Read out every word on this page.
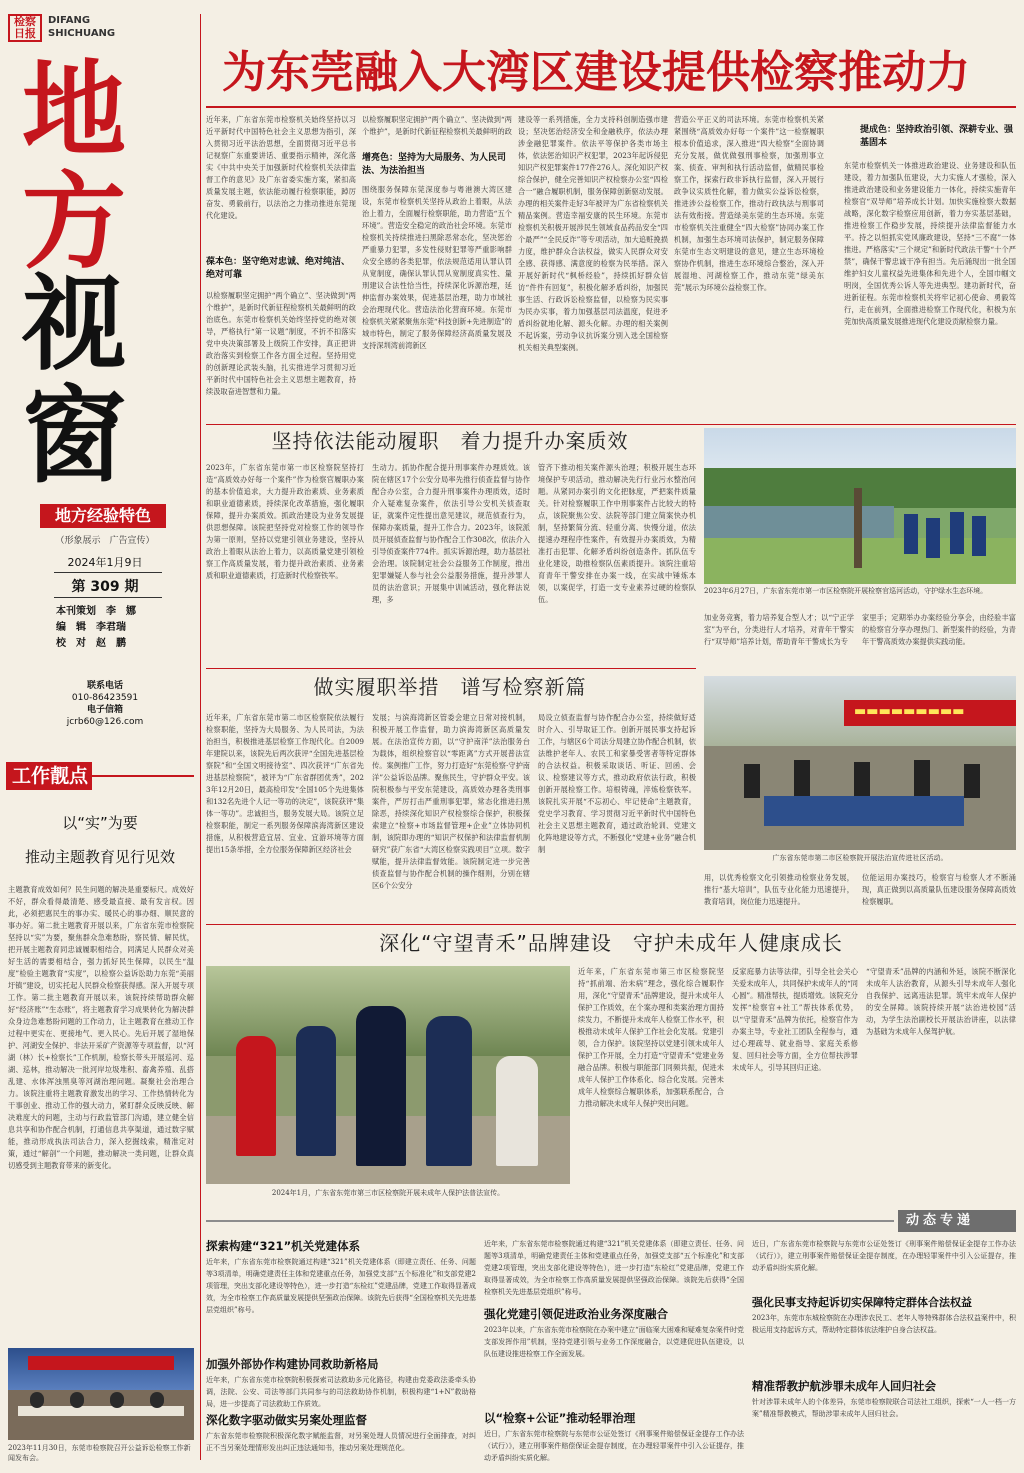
检察日报
DIFANG
SHICHUANG
地
方
视
窗
地方经验特色
（形象展示　广告宣传）
2024年1月9日
第 309 期
本刊策划　李　娜
编　辑　李君瑞
校　对　赵　鹏
联系电话
010-86423591
电子信箱
jcrb60@126.com
工作靓点
以“实”为要
推动主题教育见行见效
主题教育成效如何？民生问题的解决是重要标尺。成效好不好，群众看得最清楚、感受最直接、最有发言权。因此，必须把惠民生的事办实、暖民心的事办细、顺民意的事办好。第二批主题教育开展以来，广东省东莞市检察院坚持以“实”为要，聚焦群众急难愁盼，察民情、解民忧，把开展主题教育同忠诚履职相结合，同满足人民群众对美好生活的需要相结合，强力抓好民生保障，以民生“温度”检验主题教育“实度”，以检察公益诉讼助力东莞“美丽圩镇”建设，切实托起人民群众检察获得感。深入开展专项工作。第二批主题教育开展以来，该院持续帮助群众解好“经济账”“生态账”，将主题教育学习成果转化为解决群众身边急难愁盼问题的工作动力，让主题教育在推动工作过程中更实在、更接地气、更入民心。先后开展了湿地保护、河湖安全保护、非法开采矿产资源等专项监督，以“河湖（林）长+检察长”工作机制，检察长带头开展巡河、巡湖、巡林，推动解决一批河岸垃圾堆积、畜禽养殖、乱搭乱建、水体浑浊黑臭等河湖治理问题。凝聚社会治理合力。该院注重将主题教育激发出的学习、工作热情转化为干事创业、推动工作的强大动力，紧盯群众反映反映、解决难度大的问题，主动与行政监管部门沟通，建立健全信息共享和协作配合机制，打通信息共享渠道，通过数字赋能，推动形成执法司法合力，深入挖掘线索，精准定对策，通过“解剖”一个问题，推动解决一类问题，让群众真切感受到主题教育带来的新变化。
2023年11月30日，东莞市检察院召开公益诉讼检察工作新闻发布会。
为东莞融入大湾区建设提供检察推动力
近年来，广东省东莞市检察机关始终坚持以习近平新时代中国特色社会主义思想为指引，深入贯彻习近平法治思想，全面贯彻习近平总书记视察广东重要讲话、重要指示精神，深化落实《中共中央关于加强新时代检察机关法律监督工作的意见》及广东省委实施方案，紧扣高质量发展主题，依法能动履行检察职能，踔厉奋发、勇毅前行，以法治之力推动推进东莞现代化建设。
葆本色：坚守绝对忠诚、绝对纯洁、绝对可靠
以检察履职坚定拥护“两个确立”、坚决做到“两个维护”，是新时代新征程检察机关最鲜明的政治底色。东莞市检察机关始终坚持党的绝对领导，严格执行“第一议题”制度，不折不扣落实党中央决策部署及上级院工作安排，真正把讲政治落实到检察工作各方面全过程。坚持用党的创新理论武装头脑，扎实推进学习贯彻习近平新时代中国特色社会主义思想主题教育，持续汲取奋进智慧和力量。
以检察履职坚定拥护“两个确立”、坚决做到“两个维护”，是新时代新征程检察机关最鲜明的政
增亮色：坚持为大局服务、为人民司法、为法治担当
围绕服务保障东莞深度参与粤港澳大湾区建设，东莞市检察机关坚持从政治上着眼，从法治上着力，全面履行检察职能，助力营造“五个环境”。营造安全稳定的政治社会环境。东莞市检察机关持续推进扫黑除恶常态化，坚决惩治严重暴力犯罪，多发性侵财犯罪等严重影响群众安全感的各类犯罪，依法规范适用认罪认罚从宽制度，确保认罪认罚从宽制度真实性、量刑建议合法性恰当性，持续深化诉源治理，延伸监督办案效果，促进基层治理，助力市域社会治理现代化。营造法治化营商环境。东莞市检察机关紧紧聚焦东莞“科技创新+先进制造”的城市特色，制定了服务保障经济高质量发展及支持深圳湾前湾新区
建设等一系列措施，全力支持科创制造强市建设；坚决惩治经济安全和金融秩序，依法办理涉金融犯罪案件。依法平等保护各类市场主体，依法惩治知识产权犯罪，2023年起诉侵犯知识产权犯罪案件177件276人。深化知识产权综合保护，健全完善知识产权检察办公室“四检合一”融合履职机制，服务保障创新驱动发展。办理的相关案件走好3年被评为广东省检察机关精品案例。营造幸福安康的民生环境。东莞市检察机关积极开展涉民生领域食品药品安全“四个最严”“全民反诈”等专项活动，加大追赃挽损力度，维护群众合法权益，做实人民群众对安全感、获得感、满意度的检察为民举措。深入开展好新时代“枫桥经验”，持续抓好群众信访“件件有回复”，积极化解矛盾纠纷，加强民事生活、行政诉讼检察监督，以检察为民实事为民办实事，着力加强基层司法温度，促进矛盾纠纷就地化解、源头化解。办理的相关案例不起诉案，劳动争议抗诉案分别入选全国检察机关相关典型案例。
营造公平正义的司法环境。东莞市检察机关紧紧围绕“高质效办好每一个案件”这一检察履职根本价值追求，深入推进“四大检察”全面协调充分发展，做优做强刑事检察，加强刑事立案、侦查、审判和执行活动监督，做精民事检察工作，探索行政非诉执行监督，深入开展行政争议实质性化解，着力做实公益诉讼检察，推进涉公益检察工作，推动行政执法与刑事司法有效衔接。营造绿美东莞的生态环境。东莞市检察机关注重健全“四大检察”协同办案工作机制，加强生态环境司法保护，制定服务保障东莞市生态文明建设的意见，建立生态环境检察协作机制，推进生态环境综合整治，深入开展湿地、河湖检察工作，推动东莞“绿美东莞”展示为环境公益检察工作。
提成色：坚持政治引领、深耕专业、强基固本
东莞市检察机关一体推进政治建设、业务建设和队伍建设，着力加强队伍建设，大力实施人才强检，深入推进政治建设和业务建设能力一体化，持续实施青年检察官“双导师”培养成长计划。加快实施检察大数据战略，深化数字检察应用创新，着力夯实基层基础，推进检察工作稳步发展，持续提升法律监督能力水平。持之以恒抓实党风廉政建设，坚持“三不腐”一体推进。严格落实“三个规定”和新时代政法干警“十个严禁”，确保干警忠诚干净有担当。先后涌现出一批全国维护妇女儿童权益先进集体和先进个人，全国巾帼文明岗，全国优秀公诉人等先进典型。建功新时代，奋进新征程。东莞市检察机关将牢记初心使命、勇毅笃行，走在前列，全面推进检察工作现代化，积极为东莞加快高质量发展推进现代化建设贡献检察力量。
坚持依法能动履职　着力提升办案质效
2023年，广东省东莞市第一市区检察院坚持打造“高质效办好每一个案件”作为检察官履职办案的基本价值追求，大力提升政治素质、业务素质和职业道德素质，持续深化改革措施，强化履职保障，提升办案质效。抓政治建设为业务发展提供思想保障。该院把坚持党对检察工作的领导作为第一原则，坚持以党建引领业务建设，坚持从政治上着眼从法治上着力，以高质量党建引领检察工作高质量发展，着力提升政治素质、业务素质和职业道德素质，打造新时代检察铁军。
生动力。抓协作配合提升刑事案件办理质效。该院在辖区17个公安分局率先推行侦查监督与协作配合办公室，合力提升刑事案件办理质效，适时介入疑难复杂案件，依法引导公安机关侦查取证，就案件定性提出意见建议，规范侦查行为，保障办案质量，提升工作合力。2023年，该院派员开展侦查监督与协作配合工作308次，依法介入引导侦查案件774件。抓实诉源治理，助力基层社会治理。该院制定社会公益服务工作制度，推出犯罪嫌疑人参与社会公益服务措施，提升涉罪人员的法治意识；开展集中训诫活动，强化释法说理，多
管齐下推动相关案件源头治理；积极开展生态环境保护专项活动，推动解决先行行业污水整治问题。从紧同办案引的文化把脉度，严把案件质量关。针对检察履职工作中刑事案件占比较大的特点，该院聚焦公安、法院等部门建立简案快办机制，坚持繁简分流、轻重分离、快慢分道，依法提速办理程序性案件，有效提升办案质效，为精准打击犯罪、化解矛盾纠纷创造条件。抓队伍专业化建设，助推检察队伍素质提升。该院注重培育青年干警安排在办案一线，在实战中锤炼本领，以案促学，打造一支专业素养过硬的检察队伍。
2023年6月27日，广东省东莞市第一市区检察院开展检察官巡河活动，守护绿水生态环境。
加业务竞赛，着力培养复合型人才；以“宁正学室”为平台，分类进行人才培养，对青年干警实行“双导师”培养计划，帮助青年干警成长为专
家里手；定期举办办案经验分享会，由经验丰富的检察官分享办理热门、新型案件的经验，为青年干警高质效办案提供实践动能。
做实履职举措　谱写检察新篇
近年来，广东省东莞市第二市区检察院依法履行检察职能，坚持为大局服务、为人民司法，为法治担当，积极推进基层检察工作现代化。自2009年建院以来，该院先后两次获评“全国先进基层检察院”和“全国文明接待室”、四次获评“广东省先进基层检察院”，被评为“广东省群团优秀”，2023年12月20日，最高检印发“全国105个先进集体和132名先进个人记一等功的决定”，该院获评“集体一等功”。忠诚担当，服务发展大局。该院立足检察职能，制定一系列服务保障滨海湾新区建设措施，从积极营造宜居、宜业、宜游环境等方面提出15条举措，全方位服务保障新区经济社会
发展；与滨海湾新区管委会建立日常对接机制，积极开展工作监督，助力滨海湾新区高质量发展。在法治宣传方面，以“守护南洋”法治服务台为载体，组织检察官以“零距离”方式开展普法宣传。案例推广工作，努力打造好“东莞检察·守护南洋”公益诉讼品牌。聚焦民生，守护群众平安。该院积极参与平安东莞建设，高质效办理各类刑事案件，严厉打击严重刑事犯罪，常态化推进扫黑除恶，持续深化知识产权检察综合保护，积极探索建立“检察+市场监督管理+企业”立体协同机制，该院即办理的“知识产权保护和法律监督机制研究”获广东省“大湾区检察实践项目”立项。数字赋能，提升法律监督效能。该院制定进一步完善侦查监督与协作配合机制的操作细则，分别在辖区6个公安分
局设立侦查监督与协作配合办公室，持续做好适时介入、引导取证工作。创新开展民事支持起诉工作，与辖区6个司法分局建立协作配合机制，依法维护老年人、农民工和家暴受害者等特定群体的合法权益。积极采取谈话、听证、回函、会议、检察建议等方式，推动政府依法行政，积极创新开展检察工作。培根铸魂，淬炼检察铁军。该院扎实开展“不忘初心、牢记使命”主题教育，党史学习教育、学习贯彻习近平新时代中国特色社会主义思想主题教育，通过政治轮训、党建文化阵地建设等方式，不断强化“党建+业务”融合机制
▬▬▬▬▬▬▬▬▬
广东省东莞市第二市区检察院开展法治宣传进社区活动。
用，以优秀检察文化引领推动检察业务发展，推行“基大培训”，队伍专业化能力迅速提升，教育培训，岗位能力迅速提升。
位能运用办案技巧，检察官与检察人才不断涌现，真正做到以高质量队伍建设服务保障高质效检察履职。
深化“守望青禾”品牌建设　守护未成年人健康成长
2024年1月，广东省东莞市第三市区检察院开展未成年人保护法普法宣传。
近年来，广东省东莞市第三市区检察院坚持“抓前端、治未病”理念，强化综合履职作用，深化“守望青禾”品牌建设，提升未成年人保护工作质效，在个案办理和类案治理方面持续发力，不断提升未成年人检察工作水平，积极推动未成年人保护工作社会化发展。党建引领，合力保护。该院坚持以党建引领未成年人保护工作开展，全力打造“守望青禾”党建业务融合品牌。积极与职能部门同频共振，促进未成年人保护工作体系化、综合化发展。完善未成年人检察综合履职体系，加强联系配合，合力推动解决未成年人保护突出问题。
反家庭暴力法等法律，引导全社会关心关爱未成年人，共同保护未成年人的“同心圆”。精准帮扶，提质增效。该院充分发挥“检察官+社工”帮扶体系优势，以“守望青禾”品牌为依托，检察官作为办案主导，专业社工团队全程参与，通过心理疏导、就业指导、家庭关系修复、回归社会等方面，全方位帮扶涉罪未成年人，引导其回归正途。
“守望青禾”品牌的内涵和外延，该院不断深化未成年人法治教育，从源头引导未成年人强化自我保护、远离违法犯罪。筑牢未成年人保护的安全屏障。该院持续开展“法治进校园”活动，为学生法治副校长开展法治讲座，以法律为基础为未成年人保驾护航。
动态专递
探索构建“321”机关党建体系
近年来，广东省东莞市检察院通过构建“321”机关党建体系（即建立责任、任务、问题等3项清单，明确党建责任主体和党建重点任务，加强党支部“五个标准化”和支部党建2项管理，突出支部化建设等特色），进一步打造“东检红”党建品牌，党建工作取得显著成效，为全市检察工作高质量发展提供坚强政治保障。该院先后获得“全国检察机关先进基层党组织”称号。
加强外部协作构建协同救助新格局
近年来，广东省东莞市检察院积极探索司法救助多元化路径，构建由党委政法委牵头协调，法院、公安、司法等部门共同参与的司法救助协作机制，积极构建“1+N”救助格局，进一步提高了司法救助工作质效。
深化数字驱动做实另案处理监督
广东省东莞市检察院积极深化数字赋能监督，对另案处理人员情况进行全面排查，对纠正不当另案处理情形发出纠正违法通知书，推动另案处理规范化。
近年来，广东省东莞市检察院通过构建“321”机关党建体系（即建立责任、任务、问题等3项清单，明确党建责任主体和党建重点任务，加强党支部“五个标准化”和支部党建2项管理，突出支部化建设等特色），进一步打造“东检红”党建品牌，党建工作取得显著成效，为全市检察工作高质量发展提供坚强政治保障。该院先后获得“全国检察机关先进基层党组织”称号。
强化党建引领促进政治业务深度融合
2023年以来，广东省东莞市检察院在办案中建立“面临案大困难和疑难复杂案件时党支部发挥作用”机制，坚持党建引领与业务工作深度融合，以党建促进队伍建设，以队伍建设推进检察工作全面发展。
以“检察+公证”推动轻罪治理
近日，广东省东莞市检察院与东莞市公证处签订《刑事案件赔偿保证金提存工作办法（试行）》，建立刑事案件赔偿保证金提存制度，在办理轻罪案件中引入公证提存，推动矛盾纠纷实质化解。
近日，广东省东莞市检察院与东莞市公证处签订《刑事案件赔偿保证金提存工作办法（试行）》，建立刑事案件赔偿保证金提存制度，在办理轻罪案件中引入公证提存，推动矛盾纠纷实质化解。
强化民事支持起诉切实保障特定群体合法权益
2023年，东莞市东城检察院在办理涉农民工、老年人等特殊群体合法权益案件中，积极运用支持起诉方式，帮助特定群体依法维护自身合法权益。
精准帮教护航涉罪未成年人回归社会
针对涉罪未成年人的个体差异，东莞市检察院联合司法社工组织，探索“一人一档一方案”精准帮教模式，帮助涉罪未成年人回归社会。
